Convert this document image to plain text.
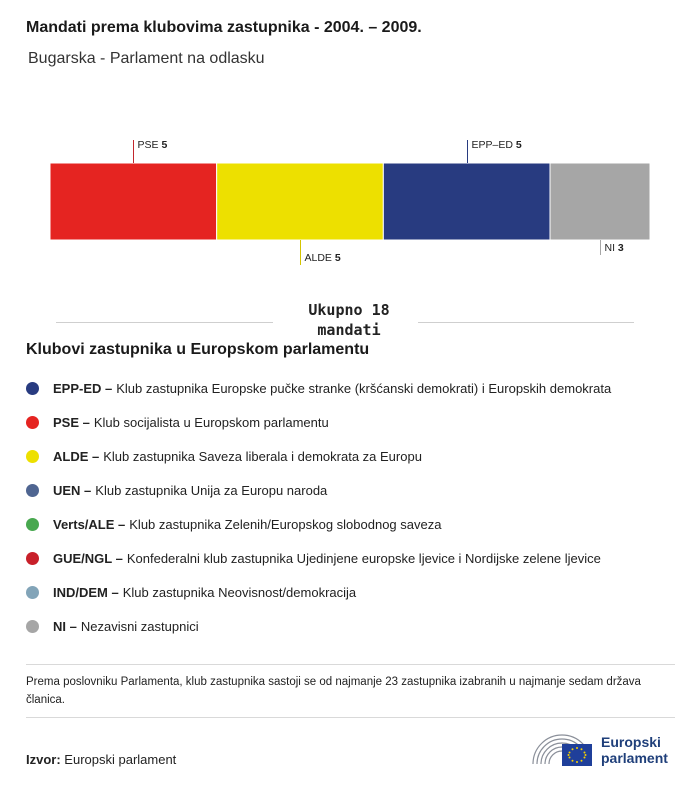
Mandati prema klubovima zastupnika - 2004. – 2009.

Bugarska - Parlament na odlasku

PSE 5
ALDE 5
EPP–ED 5
NI 3
Ukupno 18
mandati
Klubovi zastupnika u Europskom parlamentu
EPP-ED – Klub zastupnika Europske pučke stranke (kršćanski demokrati) i Europskih demokrata
PSE – Klub socijalista u Europskom parlamentu
ALDE – Klub zastupnika Saveza liberala i demokrata za Europu
UEN – Klub zastupnika Unija za Europu naroda
Verts/ALE – Klub zastupnika Zelenih/Europskog slobodnog saveza
GUE/NGL – Konfederalni klub zastupnika Ujedinjene europske ljevice i Nordijske zelene ljevice
IND/DEM – Klub zastupnika Neovisnost/demokracija
NI – Nezavisni zastupnici
Prema poslovniku Parlamenta, klub zastupnika sastoji se od najmanje 23 zastupnika izabranih u najmanje sedam država članica.
Izvor: Europski parlament
Europski
parlament
